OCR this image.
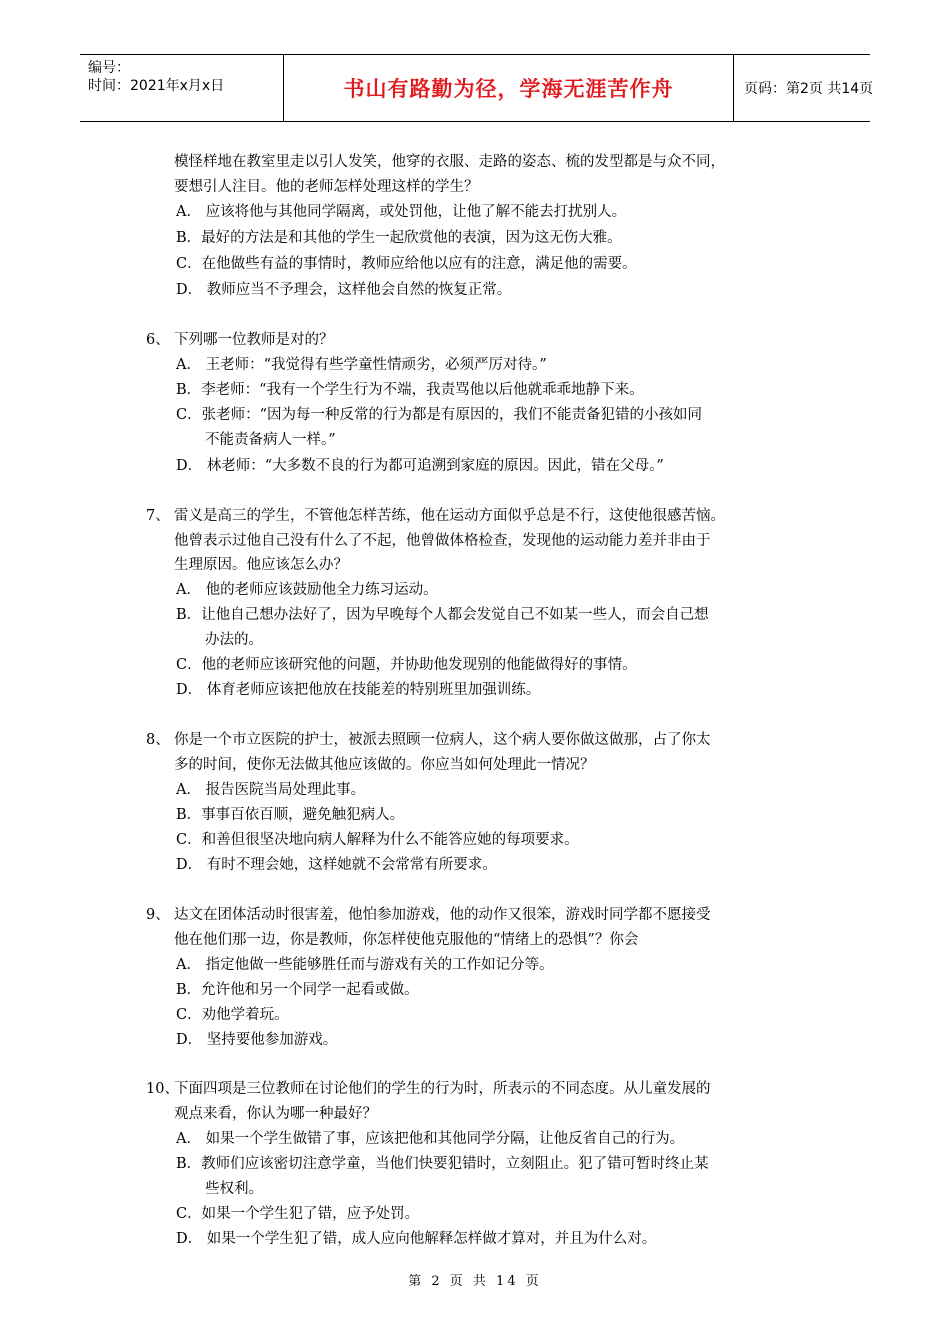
编号：
时间：2021年x月x日	书山有路勤为径，学海无涯苦作舟	页码：第2页 共14页
模怪样地在教室里走以引人发笑，他穿的衣服、走路的姿态、梳的发型都是与众不同，
要想引人注目。他的老师怎样处理这样的学生？
A． 应该将他与其他同学隔离，或处罚他，让他了解不能去打扰别人。
B．最好的方法是和其他的学生一起欣赏他的表演，因为这无伤大雅。
C．在他做些有益的事情时，教师应给他以应有的注意，满足他的需要。
D． 教师应当不予理会，这样他会自然的恢复正常。
6、 下列哪一位教师是对的？
A． 王老师：“我觉得有些学童性情顽劣，必须严厉对待。”
B．李老师：“我有一个学生行为不端，我责骂他以后他就乖乖地静下来。
C．张老师：“因为每一种反常的行为都是有原因的，我们不能责备犯错的小孩如同
不能责备病人一样。”
D． 林老师：“大多数不良的行为都可追溯到家庭的原因。因此，错在父母。”
7、 雷义是高三的学生，不管他怎样苦练，他在运动方面似乎总是不行，这使他很感苦恼。
他曾表示过他自己没有什么了不起，他曾做体格检查，发现他的运动能力差并非由于
生理原因。他应该怎么办？
A． 他的老师应该鼓励他全力练习运动。
B．让他自己想办法好了，因为早晚每个人都会发觉自己不如某一些人，而会自己想
办法的。
C．他的老师应该研究他的问题，并协助他发现别的他能做得好的事情。
D． 体育老师应该把他放在技能差的特别班里加强训练。
8、 你是一个市立医院的护士，被派去照顾一位病人，这个病人要你做这做那，占了你太
多的时间，使你无法做其他应该做的。你应当如何处理此一情况？
A． 报告医院当局处理此事。
B．事事百依百顺，避免触犯病人。
C．和善但很坚决地向病人解释为什么不能答应她的每项要求。
D． 有时不理会她，这样她就不会常常有所要求。
9、 达文在团体活动时很害羞，他怕参加游戏，他的动作又很笨，游戏时同学都不愿接受
他在他们那一边，你是教师，你怎样使他克服他的“情绪上的恐惧”？你会
A． 指定他做一些能够胜任而与游戏有关的工作如记分等。
B．允许他和另一个同学一起看或做。
C．劝他学着玩。
D． 坚持要他参加游戏。
10、
下面四项是三位教师在讨论他们的学生的行为时，所表示的不同态度。从儿童发展的
观点来看，你认为哪一种最好？
A． 如果一个学生做错了事，应该把他和其他同学分隔，让他反省自己的行为。
B．教师们应该密切注意学童，当他们快要犯错时，立刻阻止。犯了错可暂时终止某
些权利。
C．如果一个学生犯了错，应予处罚。
D． 如果一个学生犯了错，成人应向他解释怎样做才算对，并且为什么对。
第 2 页 共 14 页
